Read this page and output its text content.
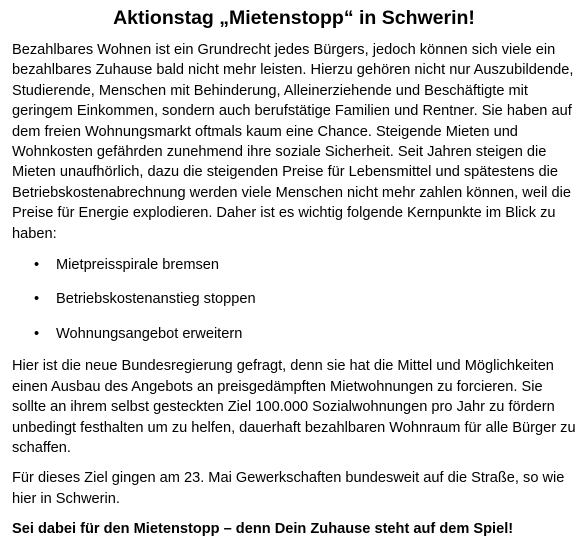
Aktionstag „Mietenstopp“ in Schwerin!

Bezahlbares Wohnen ist ein Grundrecht jedes Bürgers, jedoch können sich viele ein bezahlbares Zuhause bald nicht mehr leisten. Hierzu gehören nicht nur Auszubildende, Studierende, Menschen mit Behinderung, Alleinerziehende und Beschäftigte mit geringem Einkommen, sondern auch berufstätige Familien und Rentner. Sie haben auf dem freien Wohnungsmarkt oftmals kaum eine Chance. Steigende Mieten und Wohnkosten gefährden zunehmend ihre soziale Sicherheit. Seit Jahren steigen die Mieten unaufhörlich, dazu die steigenden Preise für Lebensmittel und spätestens die Betriebskostenabrechnung werden viele Menschen nicht mehr zahlen können, weil die Preise für Energie explodieren. Daher ist es wichtig folgende Kernpunkte im Blick zu haben:

• Mietpreisspirale bremsen
• Betriebskostenanstieg stoppen
• Wohnungsangebot erweitern

Hier ist die neue Bundesregierung gefragt, denn sie hat die Mittel und Möglichkeiten einen Ausbau des Angebots an preisgedämpften Mietwohnungen zu forcieren. Sie sollte an ihrem selbst gesteckten Ziel 100.000 Sozialwohnungen pro Jahr zu fördern unbedingt festhalten um zu helfen, dauerhaft bezahlbaren Wohnraum für alle Bürger zu schaffen.

Für dieses Ziel gingen am 23. Mai Gewerkschaften bundesweit auf die Straße, so wie hier in Schwerin.

Sei dabei für den Mietenstopp – denn Dein Zuhause steht auf dem Spiel!
